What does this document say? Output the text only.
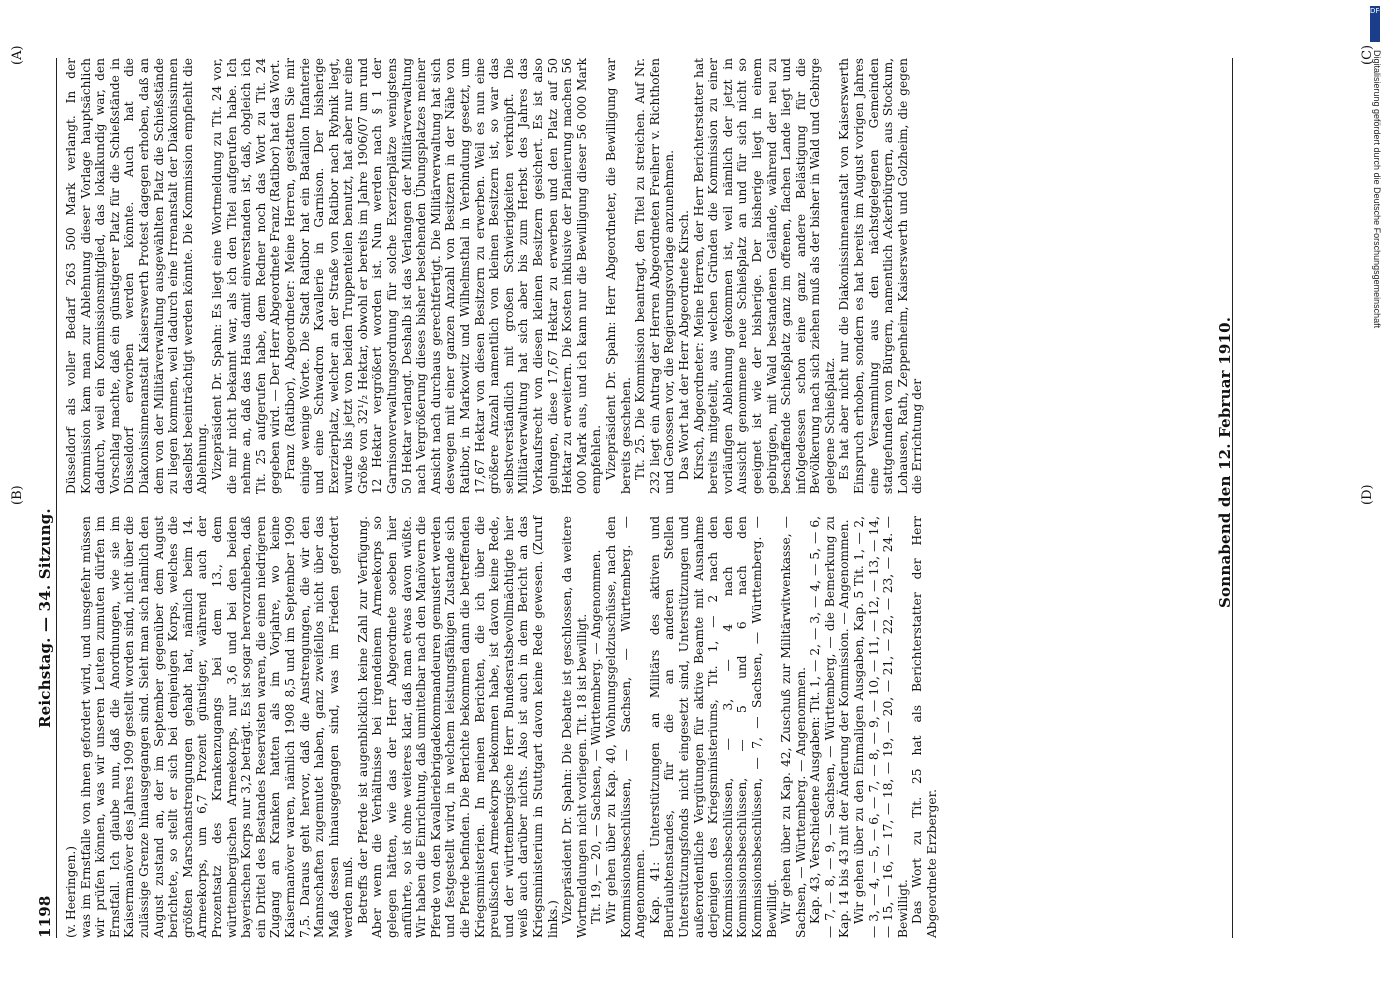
1198
Reichstag. — 34. Sitzung.
(A)
(B)

(v. Heeringen.) was im Ernstfalle von ihnen gefordert wird, und unsgefehr müssen wir prüfen können, was wir unseren Leuten zumuten dürfen im Ernstfall. Ich glaube nun, daß die Anordnungen, wie sie im Kaisermanöver des Jahres 1909 gestellt worden sind, nicht über die zulässige Grenze hinausgegangen sind. Sieht man sich nämlich den August zustand an, der im September gegenüber dem August berichtete, so stellt er sich bei denjenigen Korps, welches die größten Marschanstrengungen gehabt hat, nämlich beim 14. Armeekorps, um 6,7 Prozent günstiger, während auch der Prozentsatz des Krankenzugangs bei dem 13., dem württembergischen Armeekorps, nur 3,6 und bei den beiden bayerischen Korps nur 3,2 beträgt. Es ist sogar hervorzuheben, daß ein Drittel des Bestandes Reservisten waren, die einen niedrigeren Zugang an Kranken hatten als im Vorjahre, wo keine Kaisermanöver waren, nämlich 1908 8,5 und im September 1909 7,5. Daraus geht hervor, daß die Anstrengungen, die wir den Mannschaften zugemutet haben, ganz zweifellos nicht über das Maß dessen hinausgegangen sind, was im Frieden gefordert werden muß. Betreffs der Pferde ist augenblicklich keine Zahl zur Verfügung. Aber wenn die Verhältnisse bei irgendeinem Armeekorps so gelegen hätten, wie das der Herr Abgeordnete soeben hier anführte, so ist ohne weiteres klar, daß man etwas davon wüßte. Wir haben die Einrichtung, daß unmittelbar nach den Manövern die Pferde von den Kavalleriebrigadekommandeuren gemustert werden und festgestellt wird, in welchem leistungsfähigen Zustande sich die Pferde befinden. Die Berichte bekommen dann die betreffenden Kriegsministerien. In meinen Berichten, die ich über die preußischen Armeekorps bekommen habe, ist davon keine Rede, und der württembergische Herr Bundesratsbevollmächtigte hier weiß auch darüber nichts. Also ist auch in dem Bericht an das Kriegsministerium in Stuttgart davon keine Rede gewesen. (Zuruf links.) Vizepräsident Dr. Spahn: Die Debatte ist geschlossen, da weitere Wortmeldungen nicht vorliegen. Tit. 18 ist bewilligt. Tit. 19, — 20, — Sachsen, — Württemberg. — Angenommen. Wir gehen über zu Kap. 40, Wohnungsgeldzuschüsse, nach den Kommissionsbeschlüssen, — Sachsen, — Württemberg. — Angenommen. Kap. 41: Unterstützungen an Militärs des aktiven und Beurlaubtenstandes, für die an anderen Stellen Unterstützungsfonds nicht eingesetzt sind, Unterstützungen und außerordentliche Vergütungen für aktive Beamte mit Ausnahme derjenigen des Kriegsministeriums, Tit. 1, — 2 nach den Kommissionsbeschlüssen, — 3, — 4 nach den Kommissionsbeschlüssen, — 5 und 6 nach den Kommissionsbeschlüssen, — 7, — Sachsen, — Württemberg. — Bewilligt. Wir gehen über zu Kap. 42, Zuschuß zur Militärwitwenkasse, — Sachsen, — Württemberg. — Angenommen. Kap. 43, Verschiedene Ausgaben: Tit. 1, — 2, — 3, — 4, — 5, — 6, — 7, — 8, — 9, — Sachsen, — Württemberg, — die Bemerkung zu Kap. 14 bis 43 mit der Änderung der Kommission. — Angenommen. Wir gehen über zu den Einmaligen Ausgaben, Kap. 5 Tit. 1, — 2, — 3, — 4, — 5, — 6, — 7, — 8, — 9, — 10, — 11, — 12, — 13, — 14, — 15, — 16, — 17, — 18, — 19, — 20, — 21, — 22, — 23, — 24. — Bewilligt. Das Wort zu Tit. 25 hat als Berichterstatter der Herr Abgeordnete Erzberger.

Düsseldorf als voller Bedarf 263 500 Mark verlangt. In der Kommission kam man zur Ablehnung dieser Vorlage hauptsächlich dadurch, weil ein Kommissionsmitglied, das lokalkundig war, den Vorschlag machte, daß ein günstigerer Platz für die Schießstände in Düsseldorf erworben werden könnte. Auch hat die Diakonissinnenanstalt Kaiserswerth Protest dagegen erhoben, daß an dem von der Militärverwaltung ausgewählten Platz die Schießstände zu liegen kommen, weil dadurch eine Irrenanstalt der Diakonissinnen daselbst beeinträchtigt werden könnte. Die Kommission empfiehlt die Ablehnung. Vizepräsident Dr. Spahn: Es liegt eine Wortmeldung zu Tit. 24 vor, die mir nicht bekannt war, als ich den Titel aufgerufen habe. Ich nehme an, daß das Haus damit einverstanden ist, daß, obgleich ich Tit. 25 aufgerufen habe, dem Redner noch das Wort zu Tit. 24 gegeben wird. — Der Herr Abgeordnete Franz (Ratibor) hat das Wort. Franz (Ratibor), Abgeordneter: Meine Herren, gestatten Sie mir einige wenige Worte. Die Stadt Ratibor hat ein Bataillon Infanterie und eine Schwadron Kavallerie in Garnison. Der bisherige Exerzierplatz, welcher an der Straße von Ratibor nach Rybnik liegt, wurde bis jetzt von beiden Truppenteilen benutzt, hat aber nur eine Größe von 32¹/₂ Hektar, obwohl er bereits im Jahre 1906/07 um rund 12 Hektar vergrößert worden ist. Nun werden nach § 1 der Garnisonverwaltungsordnung für solche Exerzierplätze wenigstens 50 Hektar verlangt. Deshalb ist das Verlangen der Militärverwaltung nach Vergrößerung dieses bisher bestehenden Übungsplatzes meiner Ansicht nach durchaus gerechtfertigt. Die Militärverwaltung hat sich deswegen mit einer ganzen Anzahl von Besitzern in der Nähe von Ratibor, in Markowitz und Wilhelmsthal in Verbindung gesetzt, um 17,67 Hektar von diesen Besitzern zu erwerben. Weil es nun eine größere Anzahl namentlich von kleinen Besitzern ist, so war das selbstverständlich mit großen Schwierigkeiten verknüpft. Die Militärverwaltung hat sich aber bis zum Herbst des Jahres das Vorkaufsrecht von diesen kleinen Besitzern gesichert. Es ist also gelungen, diese 17,67 Hektar zu erwerben und den Platz auf 50 Hektar zu erweitern. Die Kosten inklusive der Planierung machen 56 000 Mark aus, und ich kann nur die Bewilligung dieser 56 000 Mark empfehlen. Vizepräsident Dr. Spahn: Herr Abgeordneter, die Bewilligung war bereits geschehen. Tit. 25. Die Kommission beantragt, den Titel zu streichen. Auf Nr. 232 liegt ein Antrag der Herren Abgeordneten Freiherr v. Richthofen und Genossen vor, die Regierungsvorlage anzunehmen. Das Wort hat der Herr Abgeordnete Kirsch. Kirsch, Abgeordneter: Meine Herren, der Herr Berichterstatter hat bereits mitgeteilt, aus welchen Gründen die Kommission zu einer vorläufigen Ablehnung gekommen ist, weil nämlich der jetzt in Aussicht genommene neue Schießplatz an und für sich nicht so geeignet ist wie der bisherige. Der bisherige liegt in einem gebirgigen, mit Wald bestandenen Gelände, während der neu zu beschaffende Schießplatz ganz im offenen, flachen Lande liegt und infolgedessen schon eine ganz andere Belästigung für die Bevölkerung nach sich ziehen muß als der bisher in Wald und Gebirge gelegene Schießplatz. Es hat aber nicht nur die Diakonissinnenanstalt von Kaiserswerth Einspruch erhoben, sondern es hat bereits im August vorigen Jahres eine Versammlung aus den nächstgelegenen Gemeinden stattgefunden von Bürgern, namentlich Ackerbürgern, aus Stockum, Lohausen, Rath, Zeppenheim, Kaiserswerth und Golzheim, die gegen die Errichtung der	Sonnabend den 12. Februar 1910.
(C)
(D)
DFG
Digitalisierung gefördert durch die Deutsche Forschungsgemeinschaft
